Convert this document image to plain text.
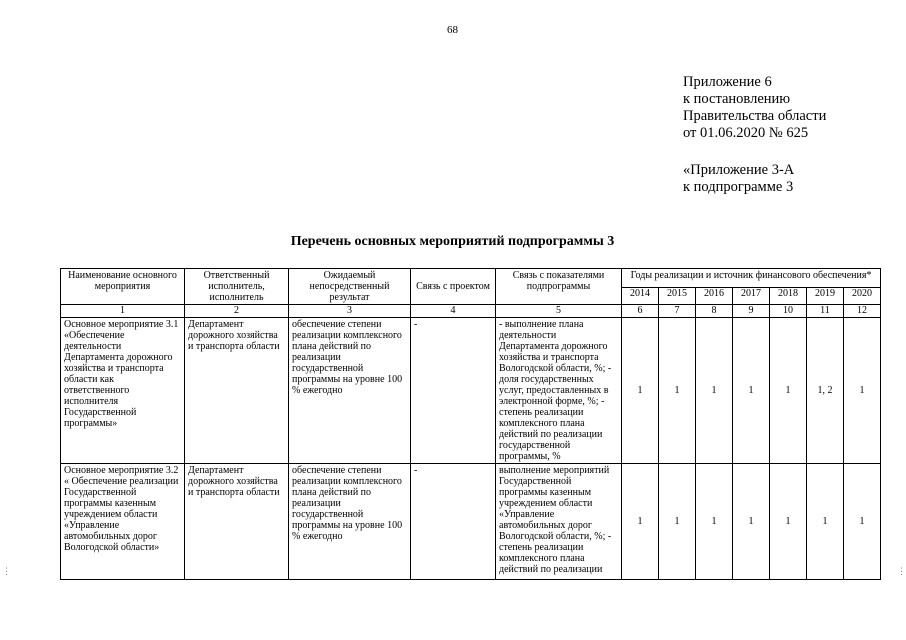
68
Приложение 6
к постановлению
Правительства области
от 01.06.2020 № 625
«Приложение 3-А
к подпрограмме 3
Перечень основных мероприятий подпрограммы 3
Наименование основного мероприятия	Ответственный исполнитель, исполнитель	Ожидаемый непосредственный результат	Связь с проектом	Связь с показателями подпрограммы	Годы реализации и источник финансового обеспечения*						
					2014	2015	2016	2017	2018	2019	2020
1	2	3	4	5	6	7	8	9	10	11	12
Основное мероприятие 3.1 «Обеспечение деятельности Департамента дорожного хозяйства и транспорта области как ответственного исполнителя Государственной программы»	Департамент дорожного хозяйства и транспорта области	обеспечение степени реализации комплексного плана действий по реализации государственной программы на уровне 100 % ежегодно	-	- выполнение плана деятельности Департамента дорожного хозяйства и транспорта Вологодской области, %; - доля государственных услуг, предоставленных в электронной форме, %; - степень реализации комплексного плана действий по реализации государственной программы, %	1	1	1	1	1	1, 2	1

Основное мероприятие 3.2 « Обеспечение реализации Государственной программы казенным учреждением области «Управление автомобильных дорог Вологодской области»	Департамент дорожного хозяйства и транспорта области	обеспечение степени реализации комплексного плана действий по реализации государственной программы на уровне 100 % ежегодно	-	выполнение мероприятий Государственной программы казенным учреждением области «Управление автомобильных дорог Вологодской области, %; - степень реализации комплексного плана действий по реализации	1	1	1	1	1	1	1
⋮	⋮
